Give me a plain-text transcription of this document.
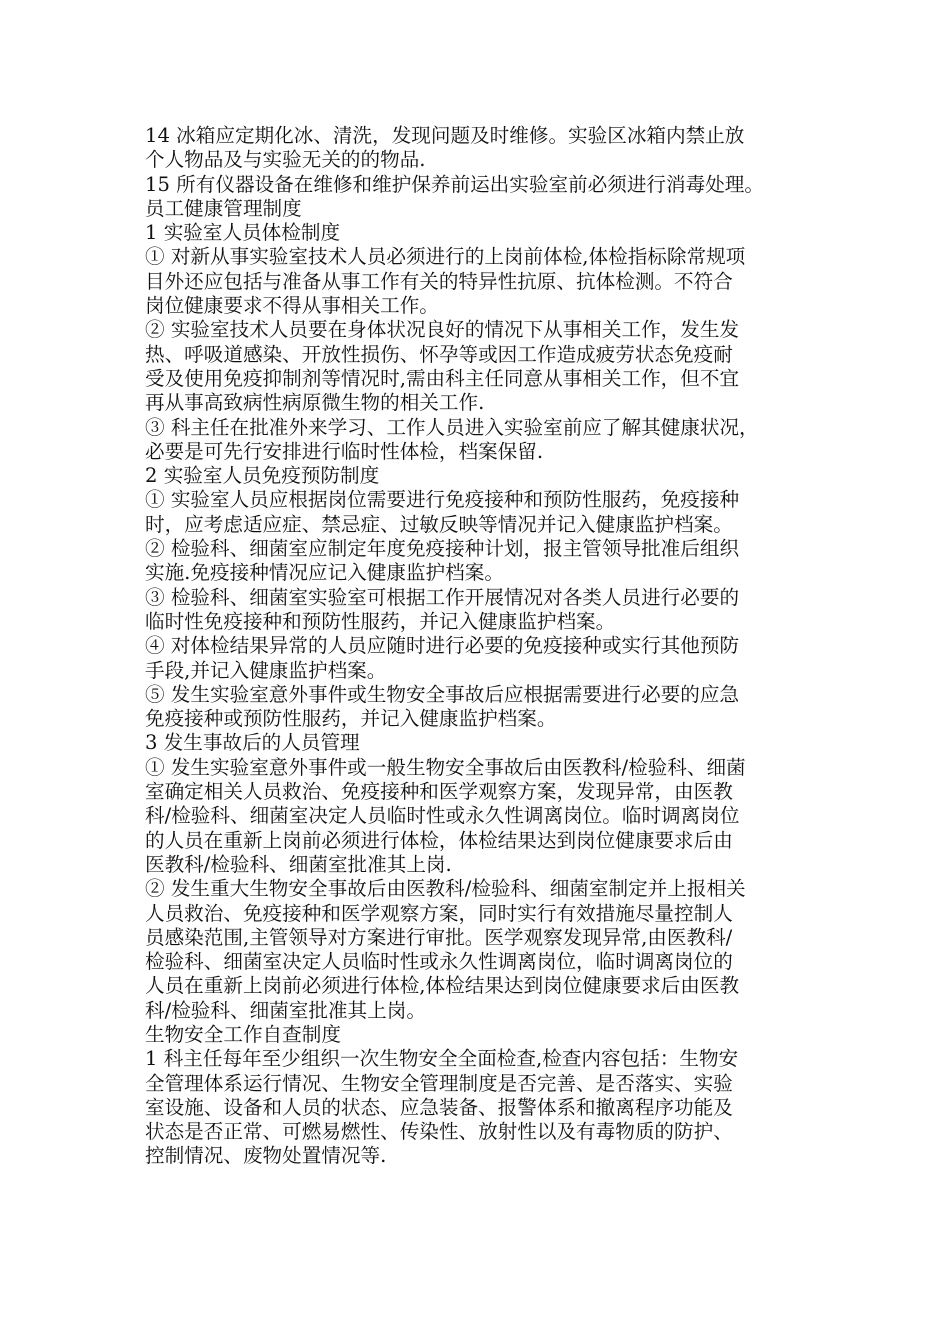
14 冰箱应定期化冰、清洗，发现问题及时维修。实验区冰箱内禁止放
个人物品及与实验无关的的物品.
15 所有仪器设备在维修和维护保养前运出实验室前必须进行消毒处理。
员工健康管理制度
1 实验室人员体检制度
① 对新从事实验室技术人员必须进行的上岗前体检,体检指标除常规项
目外还应包括与准备从事工作有关的特异性抗原、抗体检测。不符合
岗位健康要求不得从事相关工作。
② 实验室技术人员要在身体状况良好的情况下从事相关工作，发生发
热、呼吸道感染、开放性损伤、怀孕等或因工作造成疲劳状态免疫耐
受及使用免疫抑制剂等情况时,需由科主任同意从事相关工作，但不宜
再从事高致病性病原微生物的相关工作.
③ 科主任在批准外来学习、工作人员进入实验室前应了解其健康状况，
必要是可先行安排进行临时性体检，档案保留.
2 实验室人员免疫预防制度
① 实验室人员应根据岗位需要进行免疫接种和预防性服药，免疫接种
时，应考虑适应症、禁忌症、过敏反映等情况并记入健康监护档案。
② 检验科、细菌室应制定年度免疫接种计划，报主管领导批准后组织
实施.免疫接种情况应记入健康监护档案。
③ 检验科、细菌室实验室可根据工作开展情况对各类人员进行必要的
临时性免疫接种和预防性服药，并记入健康监护档案。
④ 对体检结果异常的人员应随时进行必要的免疫接种或实行其他预防
手段,并记入健康监护档案。
⑤ 发生实验室意外事件或生物安全事故后应根据需要进行必要的应急
免疫接种或预防性服药，并记入健康监护档案。
3 发生事故后的人员管理
① 发生实验室意外事件或一般生物安全事故后由医教科/检验科、细菌
室确定相关人员救治、免疫接种和医学观察方案，发现异常，由医教
科/检验科、细菌室决定人员临时性或永久性调离岗位。临时调离岗位
的人员在重新上岗前必须进行体检，体检结果达到岗位健康要求后由
医教科/检验科、细菌室批准其上岗.
② 发生重大生物安全事故后由医教科/检验科、细菌室制定并上报相关
人员救治、免疫接种和医学观察方案，同时实行有效措施尽量控制人
员感染范围,主管领导对方案进行审批。医学观察发现异常,由医教科/
检验科、细菌室决定人员临时性或永久性调离岗位，临时调离岗位的
人员在重新上岗前必须进行体检,体检结果达到岗位健康要求后由医教
科/检验科、细菌室批准其上岗。
生物安全工作自查制度
1 科主任每年至少组织一次生物安全全面检查,检查内容包括：生物安
全管理体系运行情况、生物安全管理制度是否完善、是否落实、实验
室设施、设备和人员的状态、应急装备、报警体系和撤离程序功能及
状态是否正常、可燃易燃性、传染性、放射性以及有毒物质的防护、
控制情况、废物处置情况等.
